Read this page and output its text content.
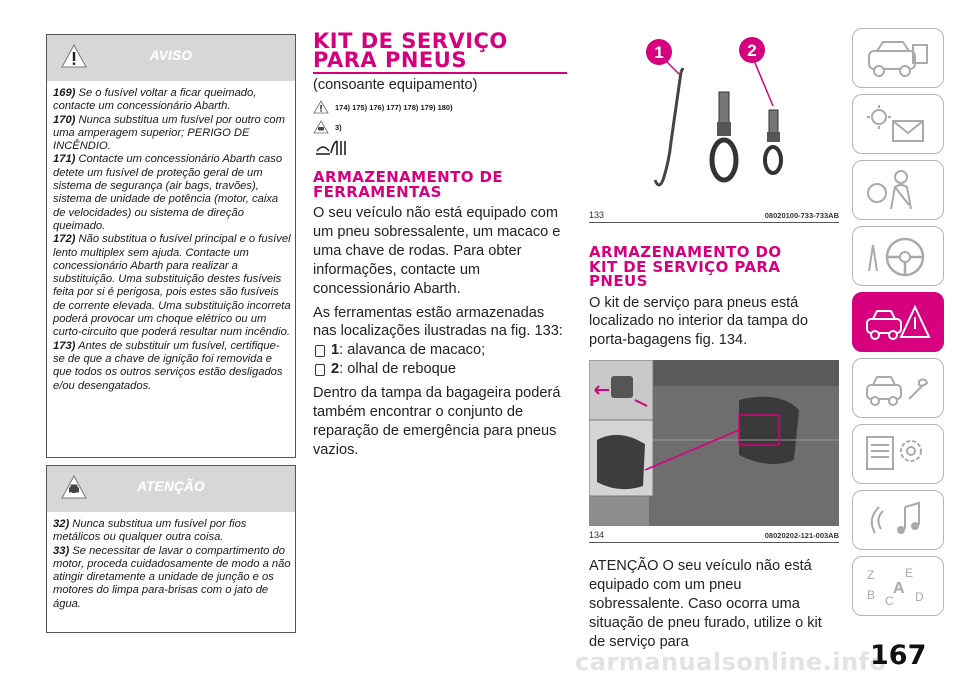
AVISO

169) Se o fusível voltar a ficar queimado, contacte um concessionário Abarth.

170) Nunca substitua um fusível por outro com uma amperagem superior; PERIGO DE INCÊNDIO.

171) Contacte um concessionário Abarth caso detete um fusível de proteção geral de um sistema de segurança (air bags, travões), sistema de unidade de potência (motor, caixa de velocidades) ou sistema de direção queimado.

172) Não substitua o fusível principal e o fusível lento multiplex sem ajuda. Contacte um concessionário Abarth para realizar a substituição. Uma substituição destes fusíveis feita por si é perigosa, pois estes são fusíveis de corrente elevada. Uma substituição incorreta poderá provocar um choque elétrico ou um curto-circuito que poderá resultar num incêndio.

173) Antes de substituir um fusível, certifique-se de que a chave de ignição foi removida e que todos os outros serviços estão desligados e/ou desengatados.

ATENÇÃO

32) Nunca substitua um fusível por fios metálicos ou qualquer outra coisa.

33) Se necessitar de lavar o compartimento do motor, proceda cuidadosamente de modo a não atingir diretamente a unidade de junção e os motores do limpa para-brisas com o jato de água.

KIT DE SERVIÇO
PARA PNEUS
(consoante equipamento)
174) 175) 176) 177) 178) 179) 180)
3)
ARMAZENAMENTO DE
FERRAMENTAS

O seu veículo não está equipado com um pneu sobressalente, um macaco e uma chave de rodas. Para obter informações, contacte um concessionário Abarth.

As ferramentas estão armazenadas nas localizações ilustradas na fig. 133:

1: alavanca de macaco;
2: olhal de reboque

Dentro da tampa da bagageira poderá também encontrar o conjunto de reparação de emergência para pneus vazios.

1	2
133	08020100-733-733AB
ARMAZENAMENTO DO
KIT DE SERVIÇO PARA
PNEUS

O kit de serviço para pneus está localizado no interior da tampa do porta-bagagens fig. 134.

134	08020202-121-003AB

ATENÇÃO O seu veículo não está equipado com um pneu sobressalente. Caso ocorra uma situação de pneu furado, utilize o kit de serviço para

Z	E
B C
A D
carmanualsonline.info
167
